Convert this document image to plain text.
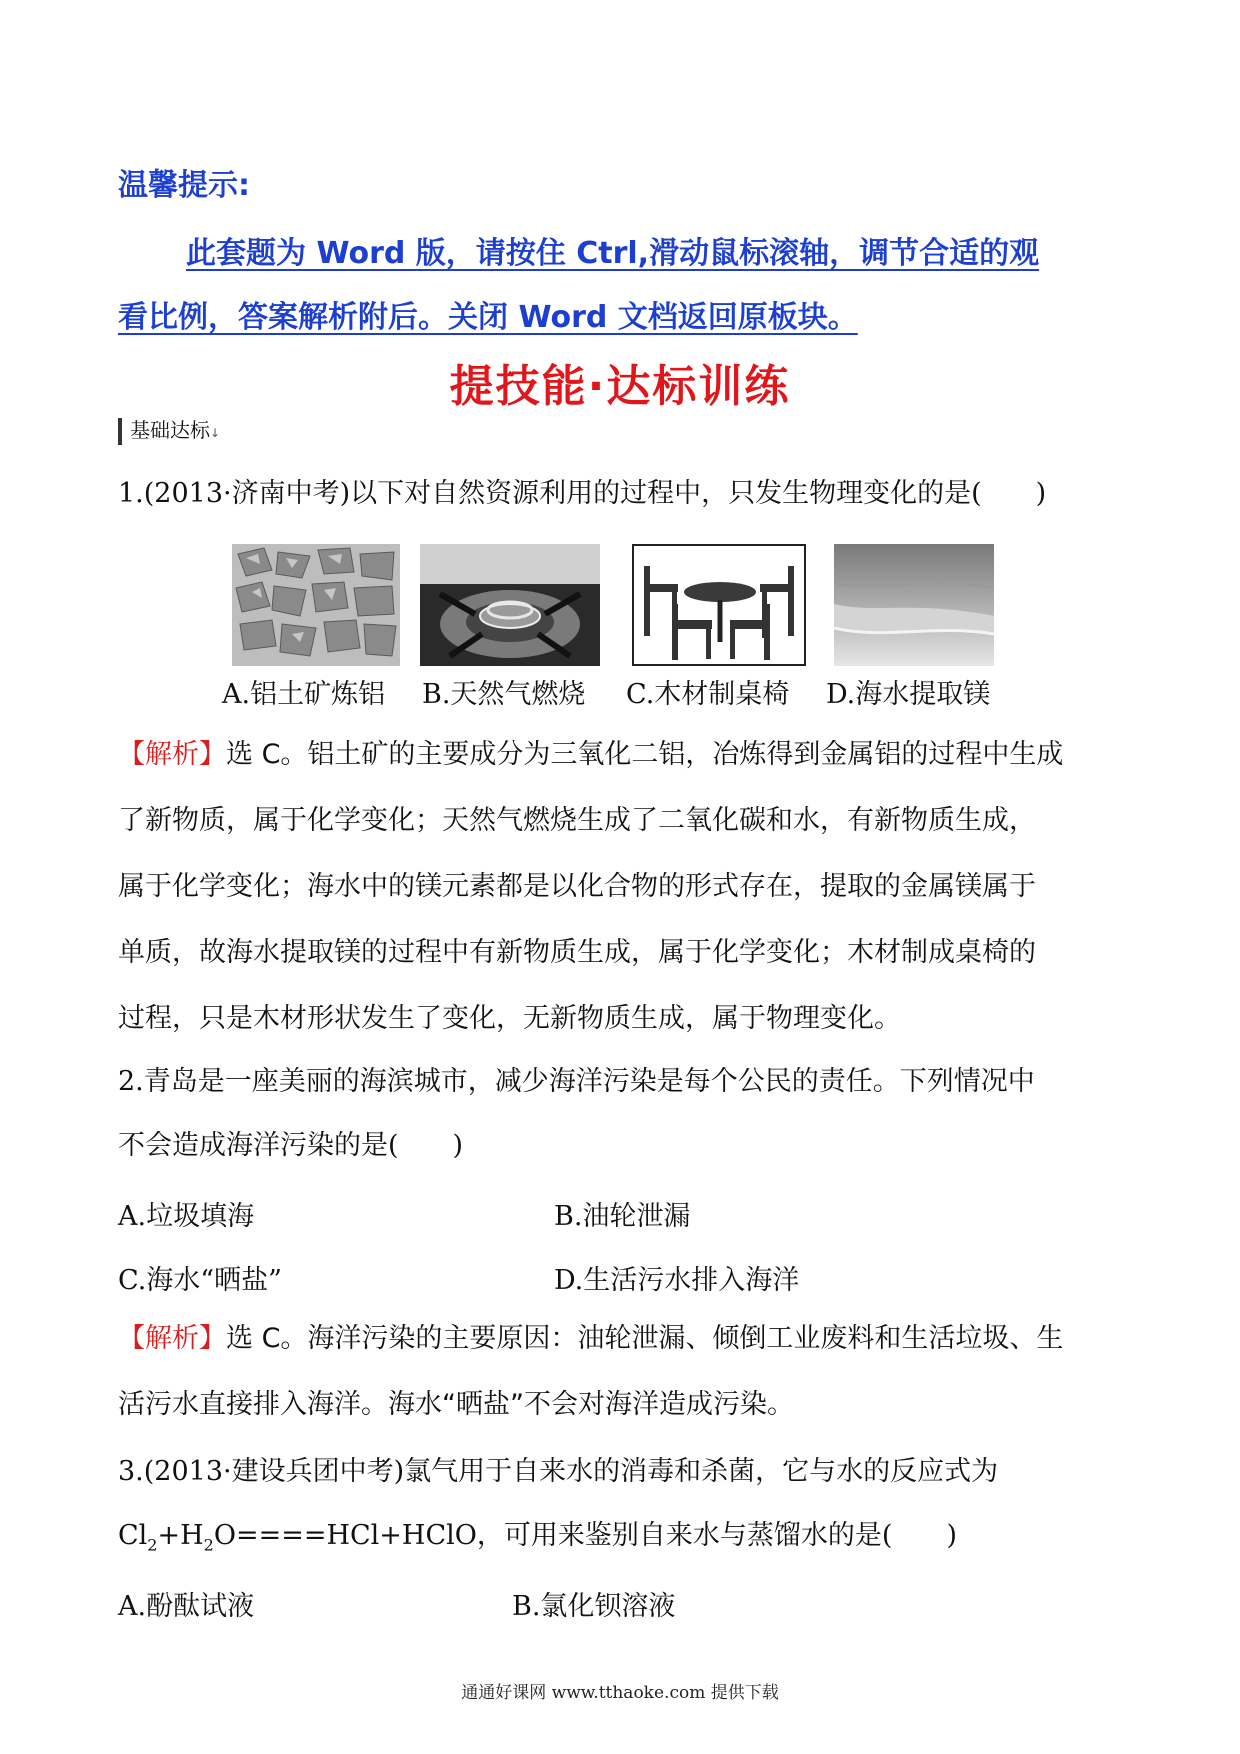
温馨提示:
此套题为 Word 版，请按住 Ctrl,滑动鼠标滚轴，调节合适的观
看比例，答案解析附后。关闭 Word 文档返回原板块。
提技能·达标训练
基础达标↓
1.(2013·济南中考)以下对自然资源利用的过程中，只发生物理变化的是(　　)
A.铝土矿炼铝 B.天然气燃烧 C.木材制桌椅 D.海水提取镁
【解析】选 C。铝土矿的主要成分为三氧化二铝，冶炼得到金属铝的过程中生成
了新物质，属于化学变化；天然气燃烧生成了二氧化碳和水，有新物质生成，
属于化学变化；海水中的镁元素都是以化合物的形式存在，提取的金属镁属于
单质，故海水提取镁的过程中有新物质生成，属于化学变化；木材制成桌椅的
过程，只是木材形状发生了变化，无新物质生成，属于物理变化。
2.青岛是一座美丽的海滨城市，减少海洋污染是每个公民的责任。下列情况中
不会造成海洋污染的是(　　)
A.垃圾填海	B.油轮泄漏
C.海水“晒盐”	D.生活污水排入海洋
【解析】选 C。海洋污染的主要原因：油轮泄漏、倾倒工业废料和生活垃圾、生
活污水直接排入海洋。海水“晒盐”不会对海洋造成污染。
3.(2013·建设兵团中考)氯气用于自来水的消毒和杀菌，它与水的反应式为
$Cl_2+H_2O====HCl+HClO$，可用来鉴别自来水与蒸馏水的是(　　)
A.酚酞试液	B.氯化钡溶液
通通好课网 www.tthaoke.com 提供下载
